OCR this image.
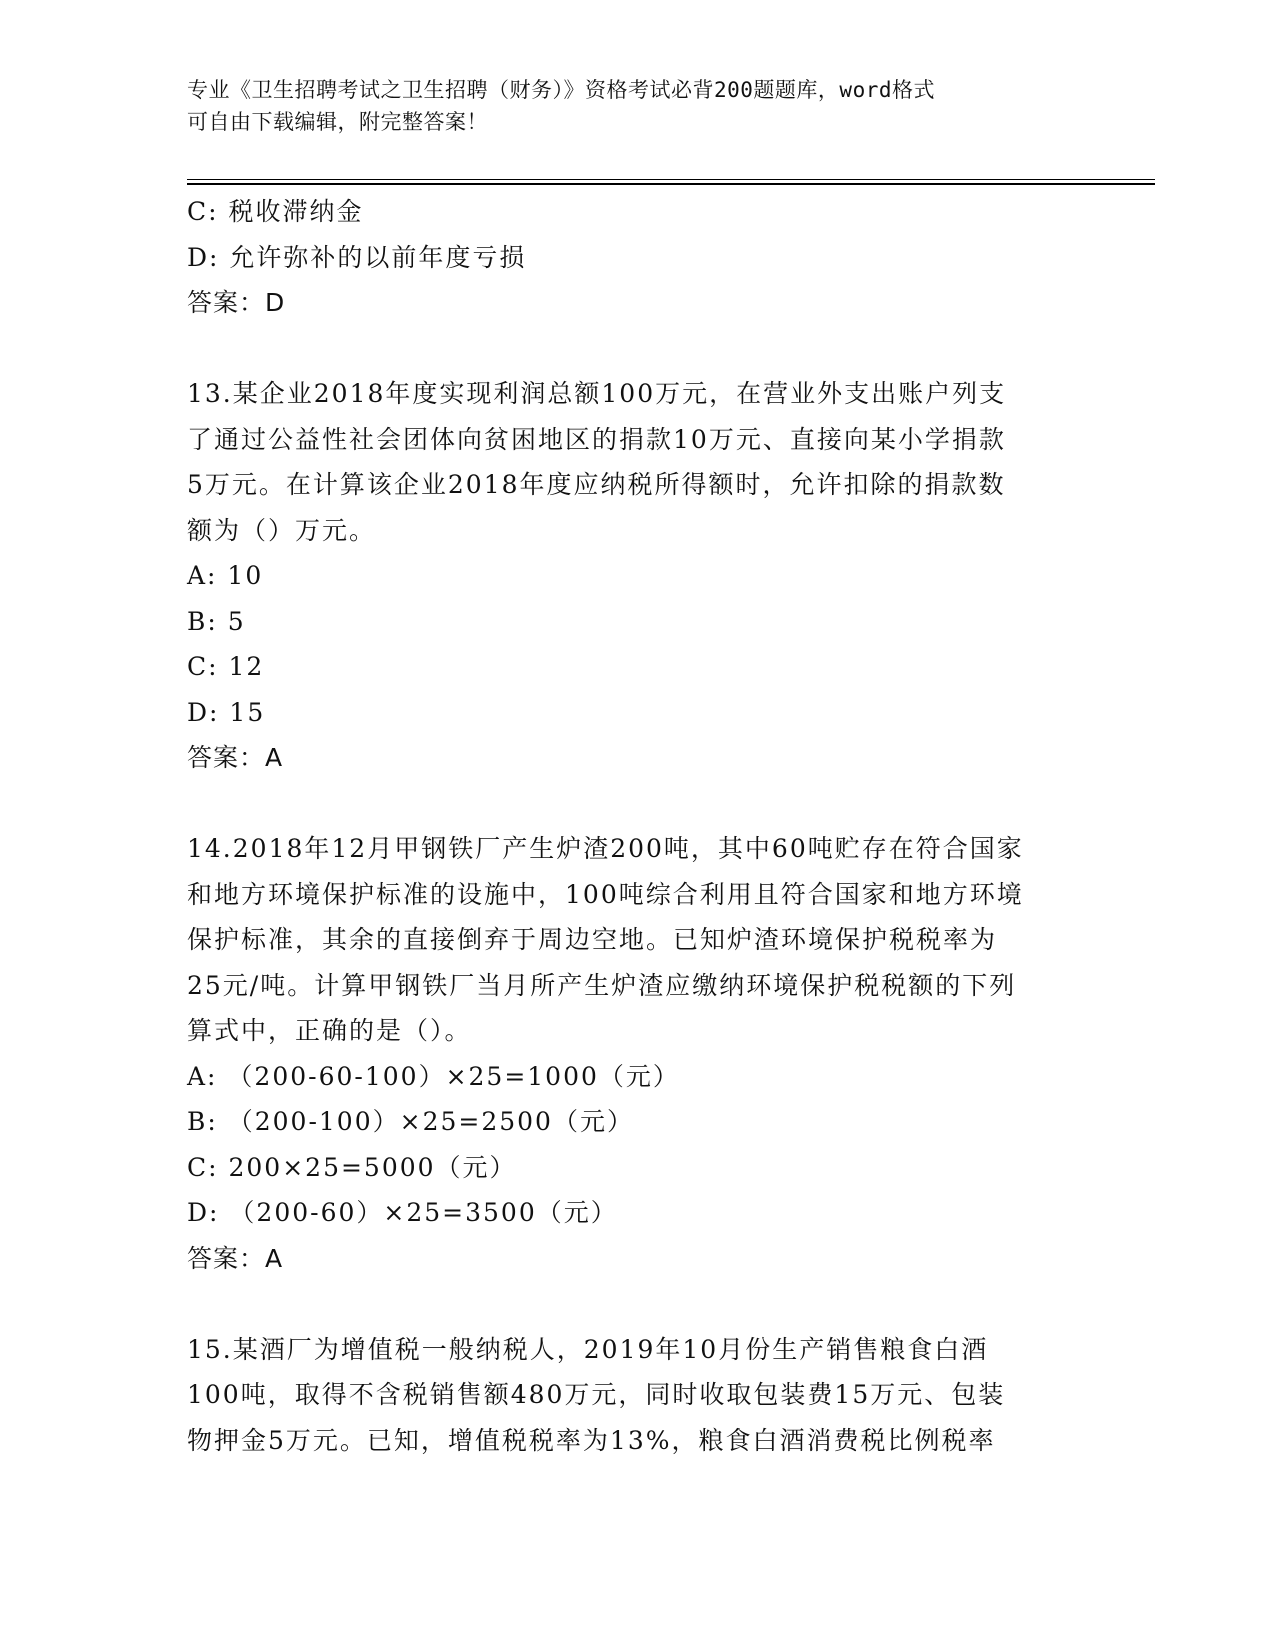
专业《卫生招聘考试之卫生招聘（财务）》资格考试必背200题题库，word格式
可自由下载编辑，附完整答案！
C: 税收滞纳金
D: 允许弥补的以前年度亏损
答案：D
13.某企业2018年度实现利润总额100万元，在营业外支出账户列支
了通过公益性社会团体向贫困地区的捐款10万元、直接向某小学捐款
5万元。在计算该企业2018年度应纳税所得额时，允许扣除的捐款数
额为（）万元。
A: 10
B: 5
C: 12
D: 15
答案：A
14.2018年12月甲钢铁厂产生炉渣200吨，其中60吨贮存在符合国家
和地方环境保护标准的设施中，100吨综合利用且符合国家和地方环境
保护标准，其余的直接倒弃于周边空地。已知炉渣环境保护税税率为
25元/吨。计算甲钢铁厂当月所产生炉渣应缴纳环境保护税税额的下列
算式中，正确的是（）。
A: （200-60-100）×25=1000（元）
B: （200-100）×25=2500（元）
C: 200×25=5000（元）
D: （200-60）×25=3500（元）
答案：A
15.某酒厂为增值税一般纳税人，2019年10月份生产销售粮食白酒
100吨，取得不含税销售额480万元，同时收取包装费15万元、包装
物押金5万元。已知，增值税税率为13%，粮食白酒消费税比例税率
